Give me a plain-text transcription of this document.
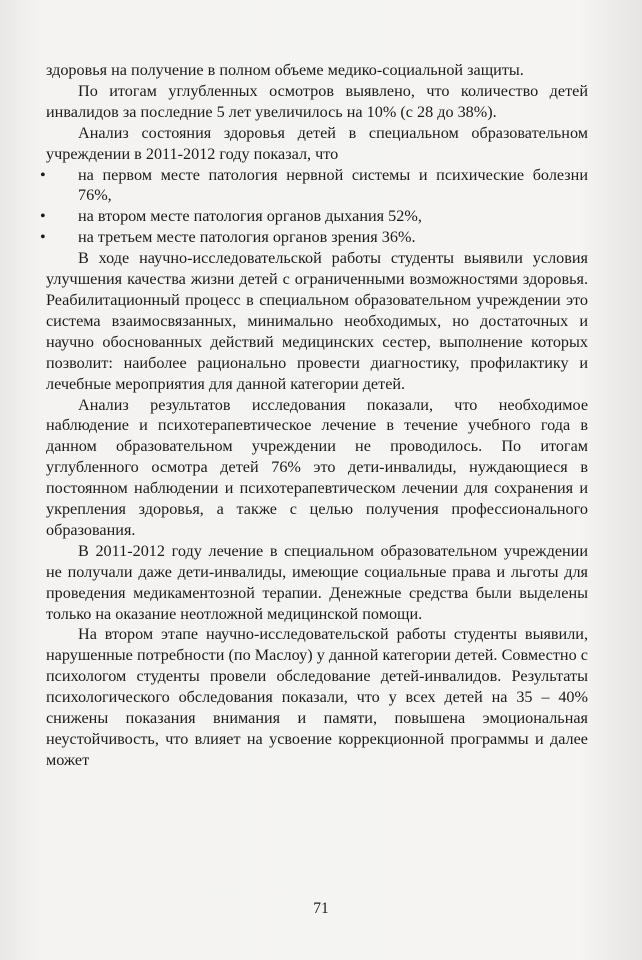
здоровья на получение в полном объеме медико-социальной защиты.

По итогам углубленных осмотров выявлено, что количество детей инвалидов за последние 5 лет увеличилось на 10% (с 28 до 38%).

Анализ состояния здоровья детей в специальном образовательном учреждении в 2011-2012 году показал, что

• на первом месте патология нервной системы и психические болезни 76%,
• на втором месте патология органов дыхания 52%,
• на третьем месте патология органов зрения 36%.

В ходе научно-исследовательской работы студенты выявили условия улучшения качества жизни детей с ограниченными возможностями здоровья. Реабилитационный процесс в специальном образовательном учреждении это система взаимосвязанных, минимально необходимых, но достаточных и научно обоснованных действий медицинских сестер, выполнение которых позволит: наиболее рационально провести диагностику, профилактику и лечебные мероприятия для данной категории детей.

Анализ результатов исследования показали, что необходимое наблюдение и психотерапевтическое лечение в течение учебного года в данном образовательном учреждении не проводилось. По итогам углубленного осмотра детей 76% это дети-инвалиды, нуждающиеся в постоянном наблюдении и психотерапевтическом лечении для сохранения и укрепления здоровья, а также с целью получения профессионального образования.

В 2011-2012 году лечение в специальном образовательном учреждении не получали даже дети-инвалиды, имеющие социальные права и льготы для проведения медикаментозной терапии. Денежные средства были выделены только на оказание неотложной медицинской помощи.

На втором этапе научно-исследовательской работы студенты выявили, нарушенные потребности (по Маслоу) у данной категории детей. Совместно с психологом студенты провели обследование детей-инвалидов. Результаты психологического обследования показали, что у всех детей на 35 – 40% снижены показания внимания и памяти, повышена эмоциональная неустойчивость, что влияет на усвоение коррекционной программы и далее может

71
